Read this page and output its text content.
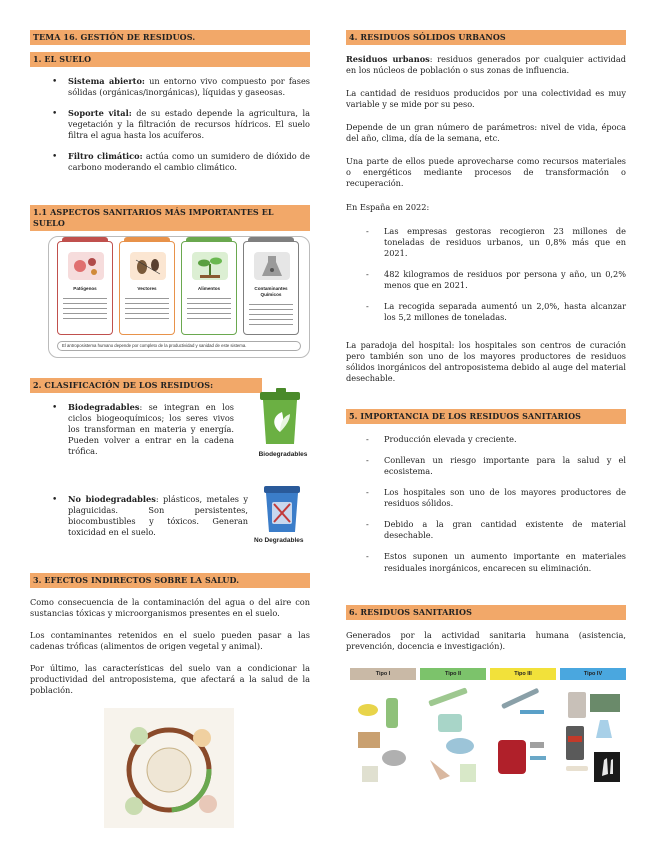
TEMA 16. GESTIÓN DE RESIDUOS.
1. EL SUELO
• Sistema abierto: un entorno vivo compuesto por fases sólidas (orgánicas/inorgánicas), líquidas y gaseosas.
• Soporte vital: de su estado depende la agricultura, la vegetación y la filtración de recursos hídricos. El suelo filtra el agua hasta los acuíferos.
• Filtro climático: actúa como un sumidero de dióxido de carbono moderando el cambio climático.
1.1 ASPECTOS SANITARIOS MÁS IMPORTANTES EL SUELO
2. CLASIFICACIÓN DE LOS RESIDUOS:
• Biodegradables: se integran en los ciclos biogeoquímicos; los seres vivos los transforman en materia y energía. Pueden volver a entrar en la cadena trófica.
• No biodegradables: plásticos, metales y plaguicidas. Son persistentes, biocombustibles y tóxicos. Generan toxicidad en el suelo.
3. EFECTOS INDIRECTOS SOBRE LA SALUD.

Como consecuencia de la contaminación del agua o del aire con sustancias tóxicas y microorganismos presentes en el suelo.

Los contaminantes retenidos en el suelo pueden pasar a las cadenas tróficas (alimentos de origen vegetal y animal).

Por último, las características del suelo van a condicionar la productividad del antroposistema, que afectará a la salud de la población.

Patógenos	Vectores	Alimentos	Contaminantes Químicos
El antroposistema humano depende por completo de la productividad y sanidad de este sistema.
Biodegradables
No Degradables
4. RESIDUOS SÓLIDOS URBANOS

Residuos urbanos: residuos generados por cualquier actividad en los núcleos de población o sus zonas de influencia.

La cantidad de residuos producidos por una colectividad es muy variable y se mide por su peso.

Depende de un gran número de parámetros: nivel de vida, época del año, clima, día de la semana, etc.

Una parte de ellos puede aprovecharse como recursos materiales o energéticos mediante procesos de transformación o recuperación.

En España en 2022:

- Las empresas gestoras recogieron 23 millones de toneladas de residuos urbanos, un 0,8% más que en 2021.
- 482 kilogramos de residuos por persona y año, un 0,2% menos que en 2021.
- La recogida separada aumentó un 2,0%, hasta alcanzar los 5,2 millones de toneladas.

La paradoja del hospital: los hospitales son centros de curación pero también son uno de los mayores productores de residuos sólidos inorgánicos del antroposistema debido al auge del material desechable.

5. IMPORTANCIA DE LOS RESIDUOS SANITARIOS
- Producción elevada y creciente.
- Conllevan un riesgo importante para la salud y el ecosistema.
- Los hospitales son uno de los mayores productores de residuos sólidos.
- Debido a la gran cantidad existente de material desechable.
- Estos suponen un aumento importante en materiales residuales inorgánicos, encarecen su eliminación.
6. RESIDUOS SANITARIOS

Generados por la actividad sanitaria humana (asistencia, prevención, docencia e investigación).

Tipo I	Tipo II	Tipo III	Tipo IV
